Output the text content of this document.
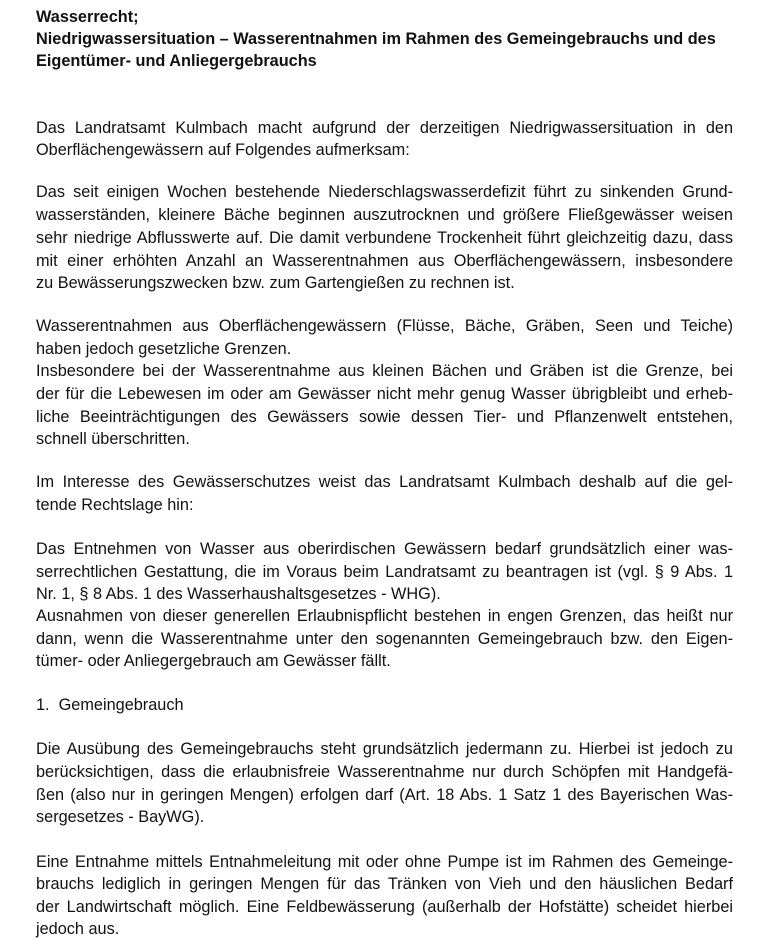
Wasserrecht;
Niedrigwassersituation – Wasserentnahmen im Rahmen des Gemeingebrauchs und des
Eigentümer- und Anliegergebrauchs
Das Landratsamt Kulmbach macht aufgrund der derzeitigen Niedrigwassersituation in den
Oberflächengewässern auf Folgendes aufmerksam:
Das seit einigen Wochen bestehende Niederschlagswasserdefizit führt zu sinkenden Grund-
wasserständen, kleinere Bäche beginnen auszutrocknen und größere Fließgewässer weisen
sehr niedrige Abflusswerte auf. Die damit verbundene Trockenheit führt gleichzeitig dazu, dass
mit einer erhöhten Anzahl an Wasserentnahmen aus Oberflächengewässern, insbesondere
zu Bewässerungszwecken bzw. zum Gartengießen zu rechnen ist.
Wasserentnahmen aus Oberflächengewässern (Flüsse, Bäche, Gräben, Seen und Teiche)
haben jedoch gesetzliche Grenzen.
Insbesondere bei der Wasserentnahme aus kleinen Bächen und Gräben ist die Grenze, bei
der für die Lebewesen im oder am Gewässer nicht mehr genug Wasser übrigbleibt und erheb-
liche Beeinträchtigungen des Gewässers sowie dessen Tier- und Pflanzenwelt entstehen,
schnell überschritten.
Im Interesse des Gewässerschutzes weist das Landratsamt Kulmbach deshalb auf die gel-
tende Rechtslage hin:
Das Entnehmen von Wasser aus oberirdischen Gewässern bedarf grundsätzlich einer was-
serrechtlichen Gestattung, die im Voraus beim Landratsamt zu beantragen ist (vgl. § 9 Abs. 1
Nr. 1, § 8 Abs. 1 des Wasserhaushaltsgesetzes - WHG).
Ausnahmen von dieser generellen Erlaubnispflicht bestehen in engen Grenzen, das heißt nur
dann, wenn die Wasserentnahme unter den sogenannten Gemeingebrauch bzw. den Eigen-
tümer- oder Anliegergebrauch am Gewässer fällt.
1.  Gemeingebrauch
Die Ausübung des Gemeingebrauchs steht grundsätzlich jedermann zu. Hierbei ist jedoch zu
berücksichtigen, dass die erlaubnisfreie Wasserentnahme nur durch Schöpfen mit Handgefä-
ßen (also nur in geringen Mengen) erfolgen darf (Art. 18 Abs. 1 Satz 1 des Bayerischen Was-
sergesetzes - BayWG).
Eine Entnahme mittels Entnahmeleitung mit oder ohne Pumpe ist im Rahmen des Gemeinge-
brauchs lediglich in geringen Mengen für das Tränken von Vieh und den häuslichen Bedarf
der Landwirtschaft möglich. Eine Feldbewässerung (außerhalb der Hofstätte) scheidet hierbei
jedoch aus.
